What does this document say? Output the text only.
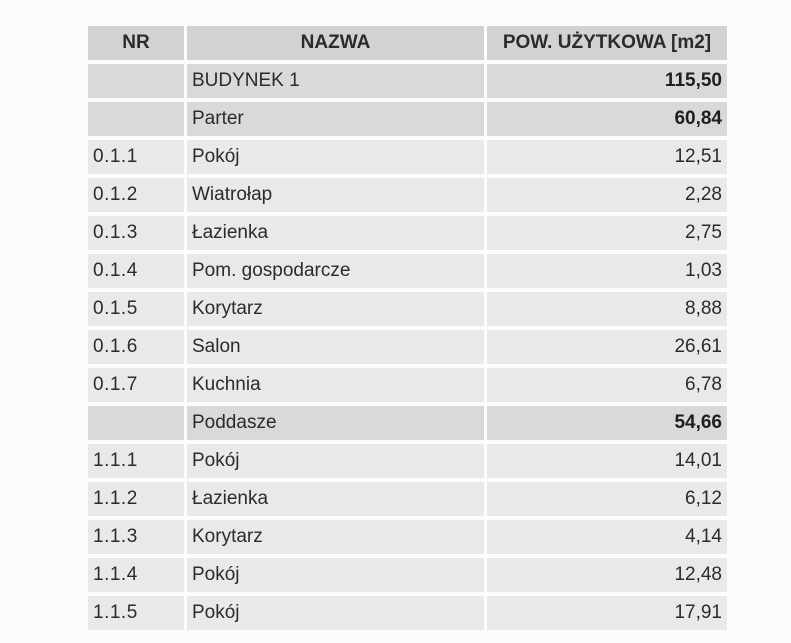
NR	NAZWA	POW. UŻYTKOWA [m2]
	BUDYNEK 1	115,50
	Parter	60,84
0.1.1	Pokój	12,51
0.1.2	Wiatrołap	2,28
0.1.3	Łazienka	2,75
0.1.4	Pom. gospodarcze	1,03
0.1.5	Korytarz	8,88
0.1.6	Salon	26,61
0.1.7	Kuchnia	6,78
	Poddasze	54,66
1.1.1	Pokój	14,01
1.1.2	Łazienka	6,12
1.1.3	Korytarz	4,14
1.1.4	Pokój	12,48
1.1.5	Pokój	17,91
